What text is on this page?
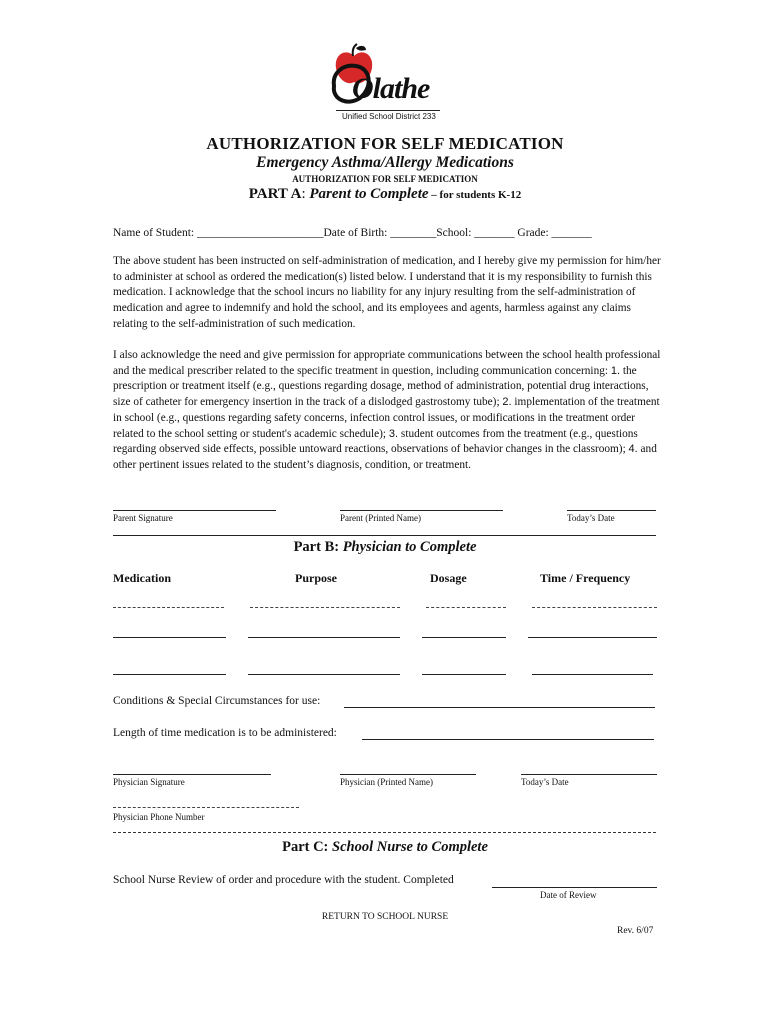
Olathe
Unified School District 233
AUTHORIZATION FOR SELF MEDICATION
Emergency Asthma/Allergy Medications
AUTHORIZATION FOR SELF MEDICATION
PART A: Parent to Complete – for students K-12
Name of Student: ______________________Date of Birth: ________School: _______ Grade: _______
The above student has been instructed on self-administration of medication, and I hereby give my permission for him/her to administer at school as ordered the medication(s) listed below. I understand that it is my responsibility to furnish this medication. I acknowledge that the school incurs no liability for any injury resulting from the self-administration of medication and agree to indemnify and hold the school, and its employees and agents, harmless against any claims relating to the self-administration of such medication.
I also acknowledge the need and give permission for appropriate communications between the school health professional and the medical prescriber related to the specific treatment in question, including communication concerning: 1. the prescription or treatment itself (e.g., questions regarding dosage, method of administration, potential drug interactions, size of catheter for emergency insertion in the track of a dislodged gastrostomy tube); 2. implementation of the treatment in school (e.g., questions regarding safety concerns, infection control issues, or modifications in the treatment order related to the school setting or student's academic schedule); 3. student outcomes from the treatment (e.g., questions regarding observed side effects, possible untoward reactions, observations of behavior changes in the classroom); 4. and other pertinent issues related to the student’s diagnosis, condition, or treatment.
Parent Signature	Parent (Printed Name)	Today’s Date
Part B: Physician to Complete
Medication	Purpose	Dosage	Time / Frequency
Conditions & Special Circumstances for use:
Length of time medication is to be administered:
Physician Signature	Physician (Printed Name)	Today’s Date
Physician Phone Number
Part C: School Nurse to Complete
School Nurse Review of order and procedure with the student. Completed
Date of Review
RETURN TO SCHOOL NURSE
Rev. 6/07
